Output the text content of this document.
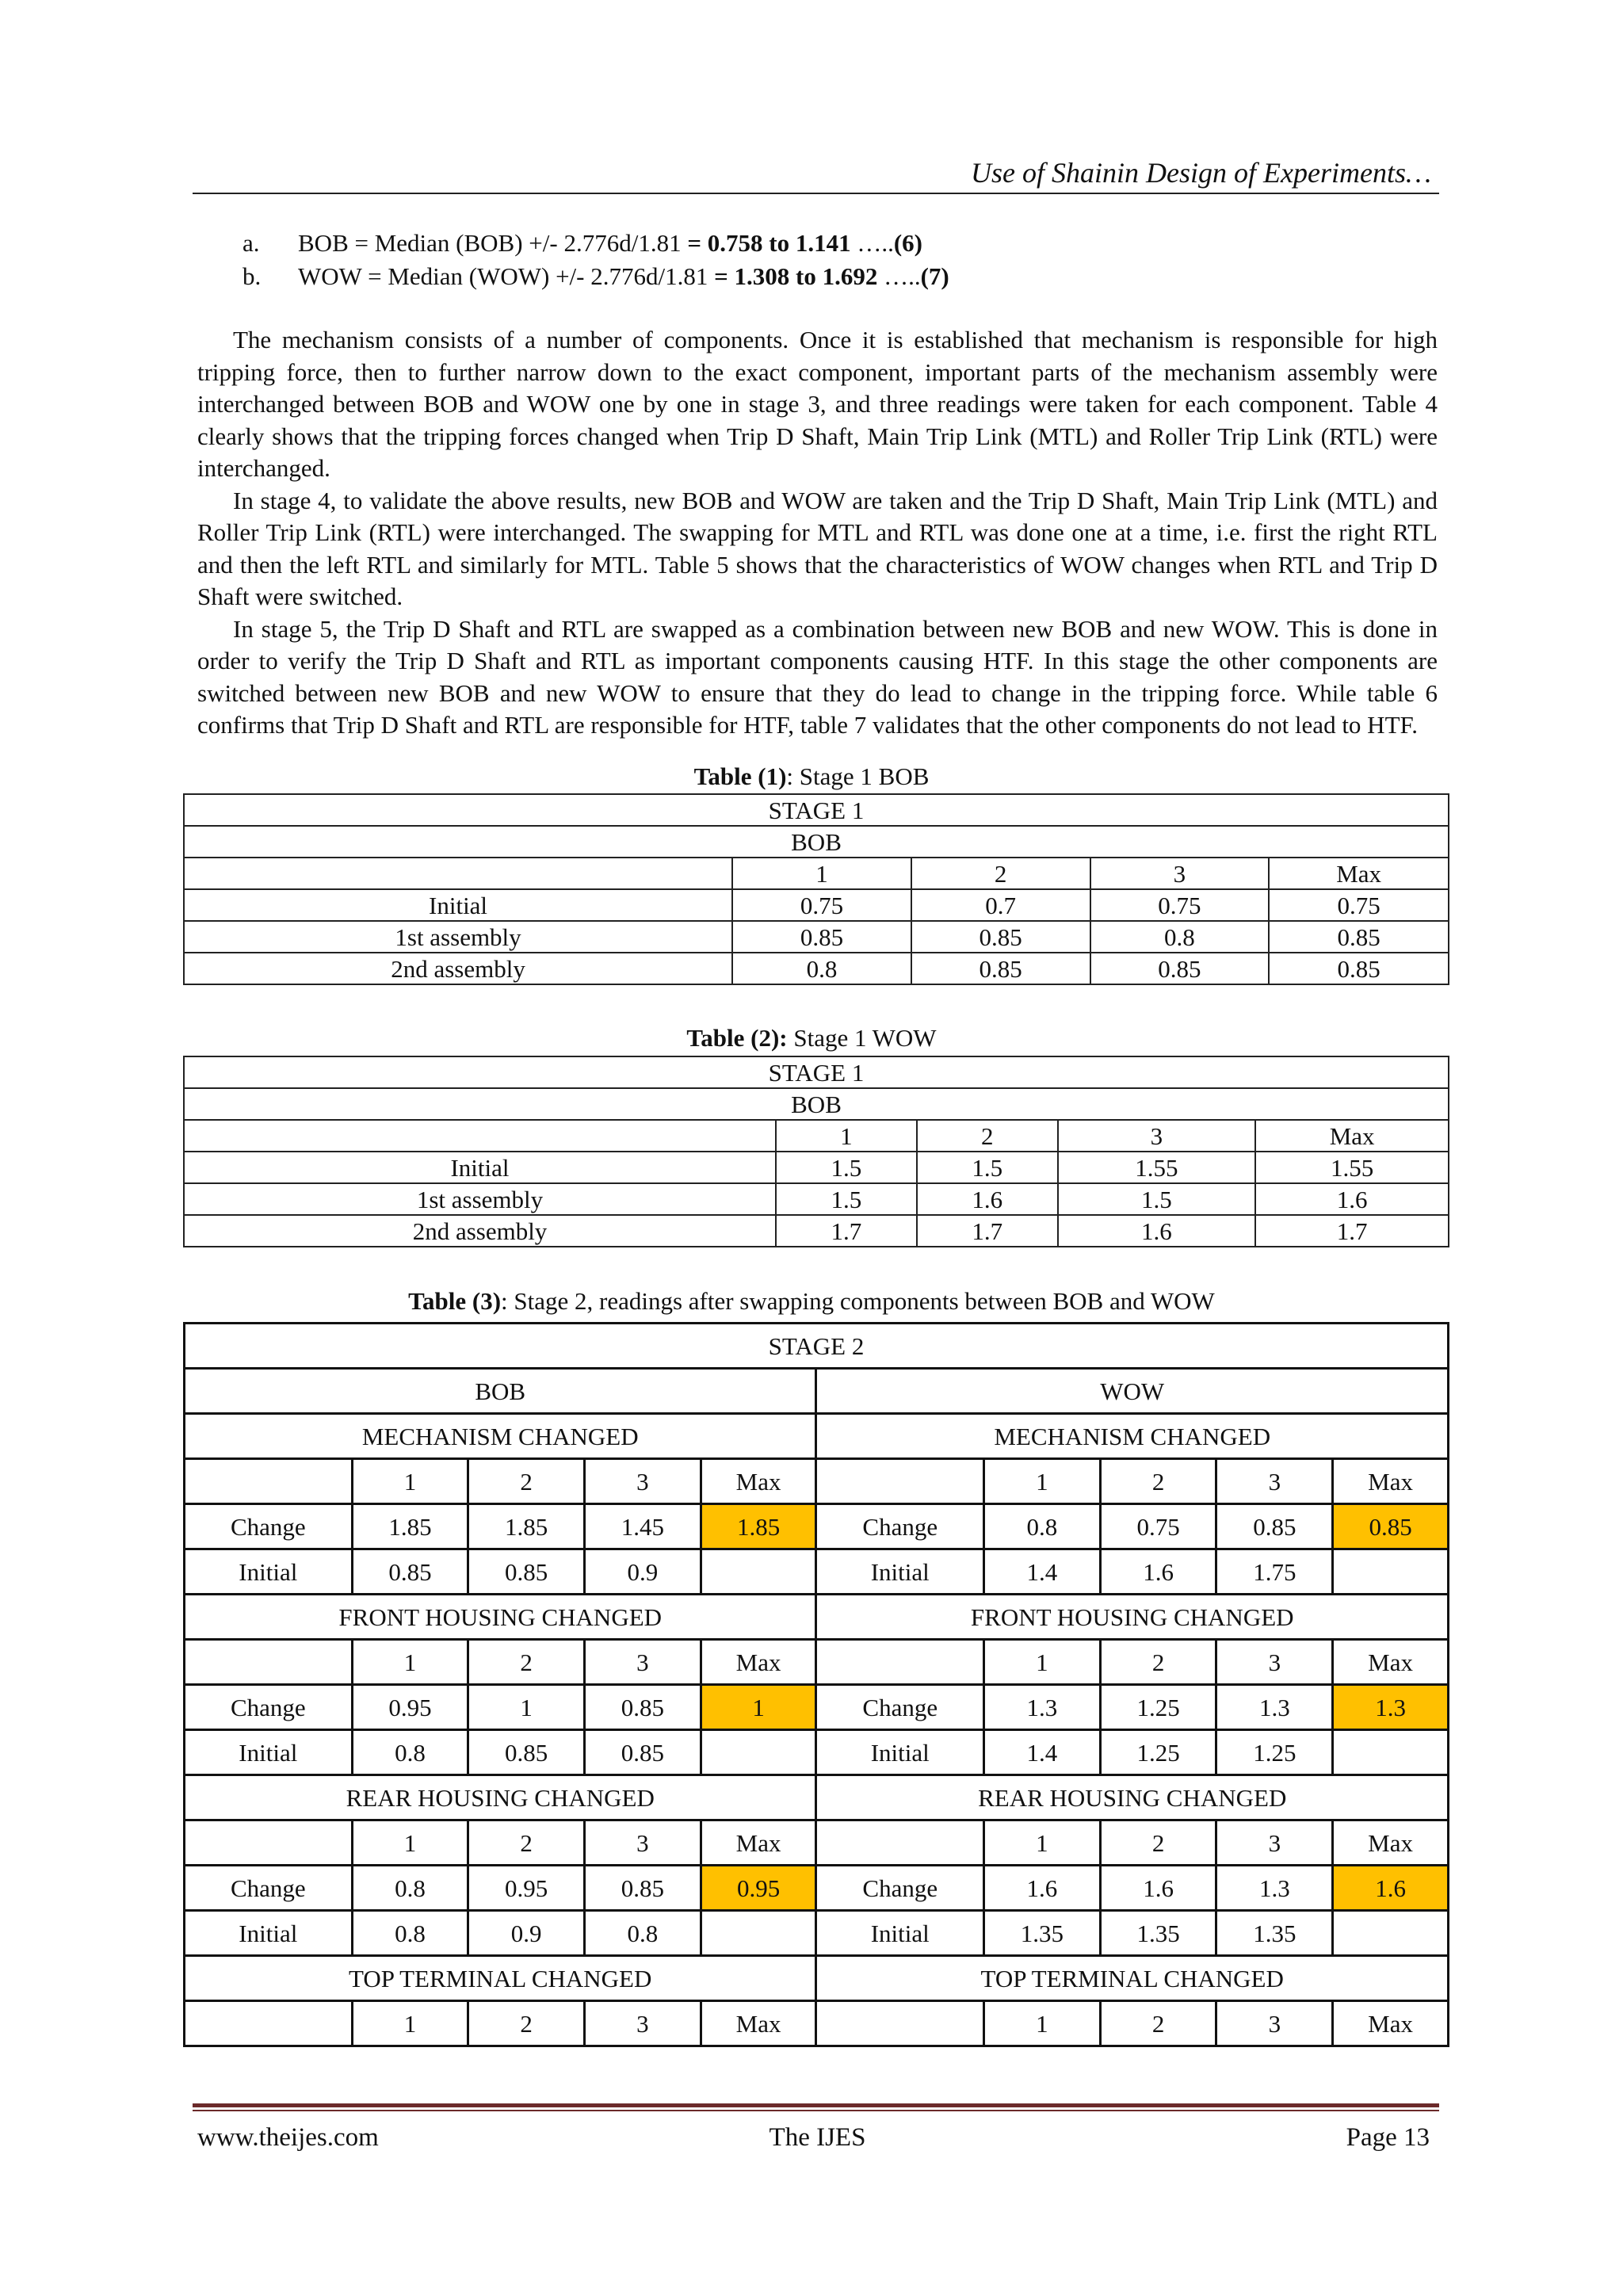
Use of Shainin Design of Experiments…
a. BOB = Median (BOB) +/- 2.776d/1.81 = 0.758 to 1.141 …..(6)
b. WOW = Median (WOW) +/- 2.776d/1.81 = 1.308 to 1.692 …..(7)

The mechanism consists of a number of components. Once it is established that mechanism is responsible for high tripping force, then to further narrow down to the exact component, important parts of the mechanism assembly were interchanged between BOB and WOW one by one in stage 3, and three readings were taken for each component. Table 4 clearly shows that the tripping forces changed when Trip D Shaft, Main Trip Link (MTL) and Roller Trip Link (RTL) were interchanged.

In stage 4, to validate the above results, new BOB and WOW are taken and the Trip D Shaft, Main Trip Link (MTL) and Roller Trip Link (RTL) were interchanged. The swapping for MTL and RTL was done one at a time, i.e. first the right RTL and then the left RTL and similarly for MTL. Table 5 shows that the characteristics of WOW changes when RTL and Trip D Shaft were switched.

In stage 5, the Trip D Shaft and RTL are swapped as a combination between new BOB and new WOW. This is done in order to verify the Trip D Shaft and RTL as important components causing HTF. In this stage the other components are switched between new BOB and new WOW to ensure that they do lead to change in the tripping force. While table 6 confirms that Trip D Shaft and RTL are responsible for HTF, table 7 validates that the other components do not lead to HTF.

Table (1): Stage 1 BOB
STAGE 1				
BOB				
	1	2	3	Max
Initial	0.75	0.7	0.75	0.75
1st assembly	0.85	0.85	0.8	0.85
2nd assembly	0.8	0.85	0.85	0.85
Table (2): Stage 1 WOW
STAGE 1				
BOB				
	1	2	3	Max
Initial	1.5	1.5	1.55	1.55
1st assembly	1.5	1.6	1.5	1.6
2nd assembly	1.7	1.7	1.6	1.7
Table (3): Stage 2, readings after swapping components between BOB and WOW
STAGE 2									
BOB					WOW				
MECHANISM CHANGED					MECHANISM CHANGED				
	1	2	3	Max		1	2	3	Max
Change	1.85	1.85	1.45	1.85	Change	0.8	0.75	0.85	0.85
Initial	0.85	0.85	0.9		Initial	1.4	1.6	1.75	
FRONT HOUSING CHANGED					FRONT HOUSING CHANGED				
	1	2	3	Max		1	2	3	Max
Change	0.95	1	0.85	1	Change	1.3	1.25	1.3	1.3
Initial	0.8	0.85	0.85		Initial	1.4	1.25	1.25	
REAR HOUSING CHANGED					REAR HOUSING CHANGED				
	1	2	3	Max		1	2	3	Max
Change	0.8	0.95	0.85	0.95	Change	1.6	1.6	1.3	1.6
Initial	0.8	0.9	0.8		Initial	1.35	1.35	1.35	
TOP TERMINAL CHANGED					TOP TERMINAL CHANGED				
	1	2	3	Max		1	2	3	Max
www.theijes.com	The IJES	Page 13
